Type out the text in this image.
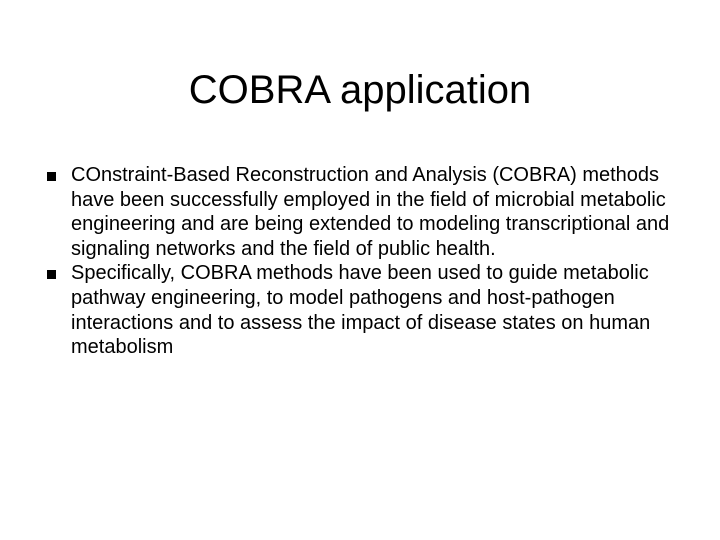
COBRA application
COnstraint-Based Reconstruction and Analysis (COBRA) methods have been successfully employed in the field of microbial metabolic engineering and are being extended to modeling transcriptional and signaling networks and the field of public health.
Specifically, COBRA methods have been used to guide metabolic pathway engineering, to model pathogens and host-pathogen interactions and to assess the impact of disease states on human metabolism
